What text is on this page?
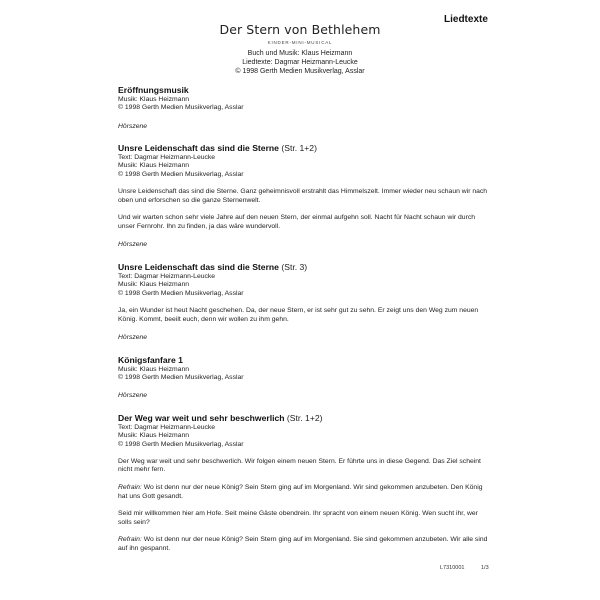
Liedtexte
Der Stern von Bethlehem
KINDER-MINI-MUSICAL
Buch und Musik: Klaus Heizmann
Liedtexte: Dagmar Heizmann-Leucke
© 1998 Gerth Medien Musikverlag, Asslar
Eröffnungsmusik
Musik: Klaus Heizmann
© 1998 Gerth Medien Musikverlag, Asslar
Hörszene
Unsre Leidenschaft das sind die Sterne (Str. 1+2)
Text: Dagmar Heizmann-Leucke
Musik: Klaus Heizmann
© 1998 Gerth Medien Musikverlag, Asslar
Unsre Leidenschaft das sind die Sterne. Ganz geheimnisvoll erstrahlt das Himmelszelt. Immer wieder neu schaun wir nach oben und erforschen so die ganze Sternenwelt.
Und wir warten schon sehr viele Jahre auf den neuen Stern, der einmal aufgehn soll. Nacht für Nacht schaun wir durch unser Fernrohr. Ihn zu finden, ja das wäre wundervoll.
Hörszene
Unsre Leidenschaft das sind die Sterne (Str. 3)
Text: Dagmar Heizmann-Leucke
Musik: Klaus Heizmann
© 1998 Gerth Medien Musikverlag, Asslar
Ja, ein Wunder ist heut Nacht geschehen. Da, der neue Stern, er ist sehr gut zu sehn. Er zeigt uns den Weg zum neuen König. Kommt, beeilt euch, denn wir wollen zu ihm gehn.
Hörszene
Königsfanfare 1
Musik: Klaus Heizmann
© 1998 Gerth Medien Musikverlag, Asslar
Hörszene
Der Weg war weit und sehr beschwerlich (Str. 1+2)
Text: Dagmar Heizmann-Leucke
Musik: Klaus Heizmann
© 1998 Gerth Medien Musikverlag, Asslar
Der Weg war weit und sehr beschwerlich. Wir folgen einem neuen Stern. Er führte uns in diese Gegend. Das Ziel scheint nicht mehr fern.
Refrain: Wo ist denn nur der neue König? Sein Stern ging auf im Morgenland. Wir sind gekommen anzubeten. Den König hat uns Gott gesandt.
Seid mir willkommen hier am Hofe. Seit meine Gäste obendrein. Ihr spracht von einem neuen König. Wen sucht ihr, wer solls sein?
Refrain: Wo ist denn nur der neue König? Sein Stern ging auf im Morgenland. Sie sind gekommen anzubeten. Wir alle sind auf ihn gespannt.
L7310001	1/3
